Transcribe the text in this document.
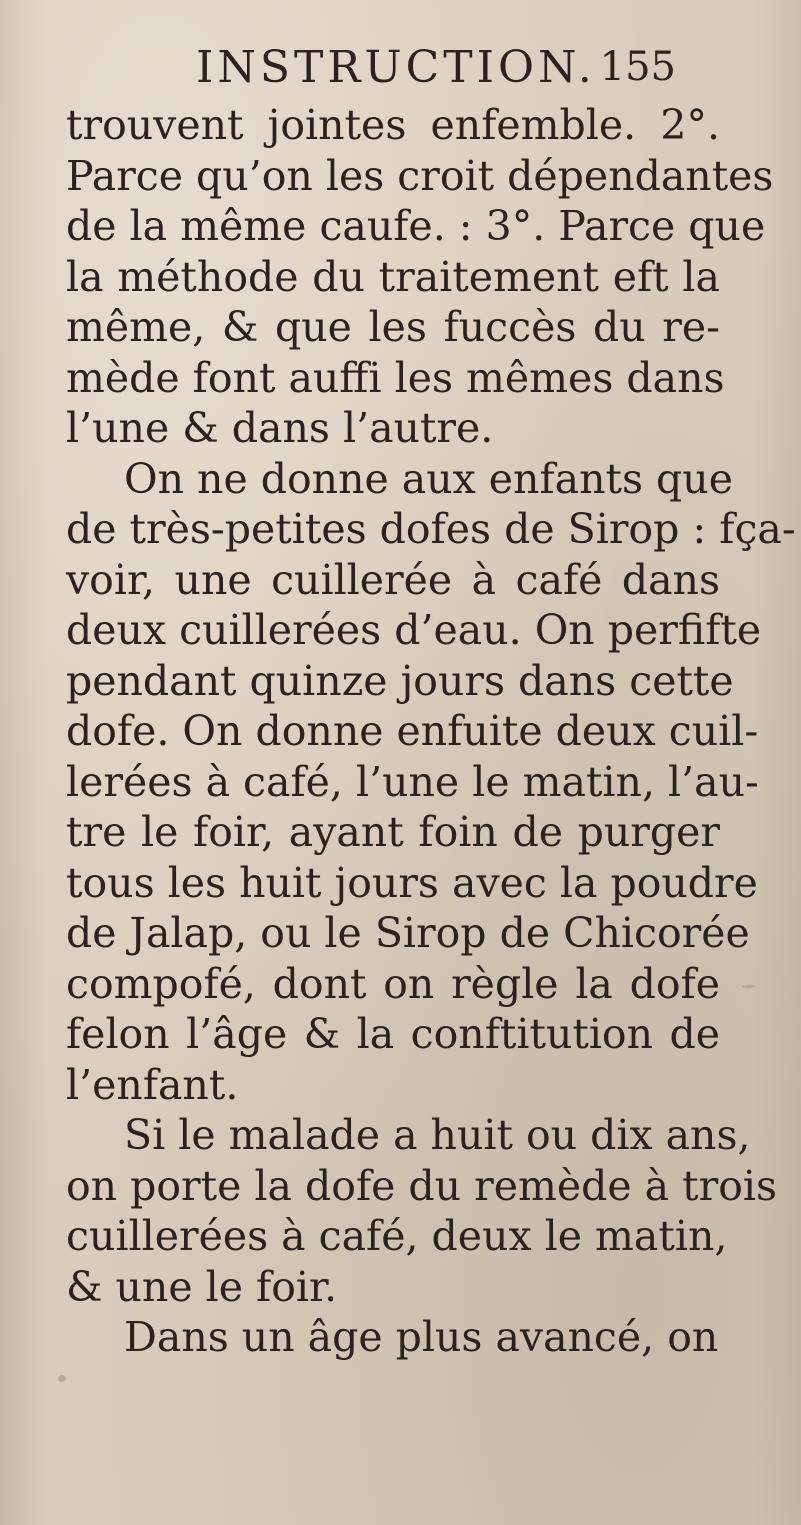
INSTRUCTION. 155
trouvent jointes enfemble. 2°.
Parce qu’on les croit dépendantes
de la même caufe. : 3°. Parce que
la méthode du traitement eft la
même, & que les fuccès du re-
mède font auffi les mêmes dans
l’une & dans l’autre.
On ne donne aux enfants que
de très-petites dofes de Sirop : fça-
voir, une cuillerée à café dans
deux cuillerées d’eau. On perfifte
pendant quinze jours dans cette
dofe. On donne enfuite deux cuil-
lerées à café, l’une le matin, l’au-
tre le foir, ayant foin de purger
tous les huit jours avec la poudre
de Jalap, ou le Sirop de Chicorée
compofé, dont on règle la dofe
felon l’âge & la conftitution de
l’enfant.
Si le malade a huit ou dix ans,
on porte la dofe du remède à trois
cuillerées à café, deux le matin,
& une le foir.
Dans un âge plus avancé, on
